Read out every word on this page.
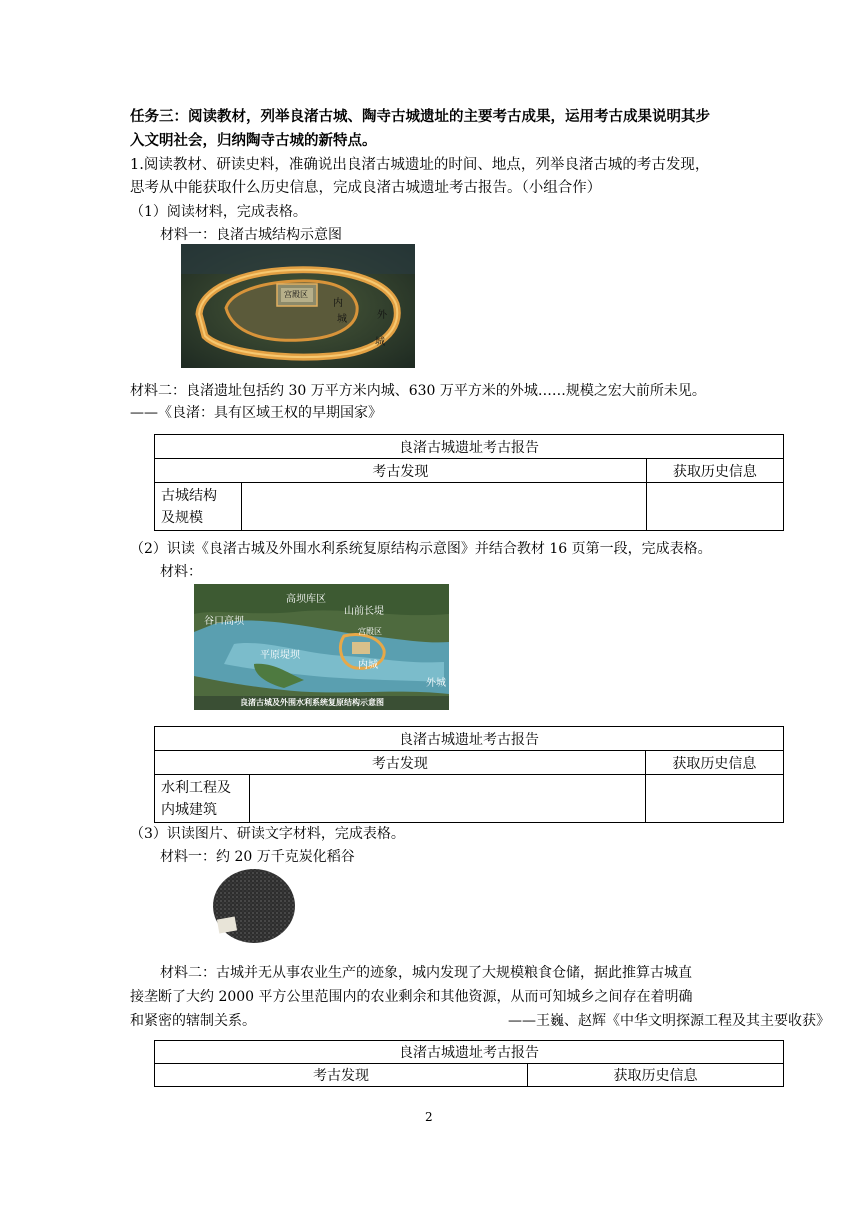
任务三：阅读教材，列举良渚古城、陶寺古城遗址的主要考古成果，运用考古成果说明其步
入文明社会，归纳陶寺古城的新特点。
1.阅读教材、研读史料，准确说出良渚古城遗址的时间、地点，列举良渚古城的考古发现，
思考从中能获取什么历史信息，完成良渚古城遗址考古报告。（小组合作）
（1）阅读材料，完成表格。
材料一：良渚古城结构示意图
宫殿区
内
城	外
城
材料二：良渚遗址包括约 30 万平方米内城、630 万平方米的外城……规模之宏大前所未见。
——《良渚：具有区域王权的早期国家》
良渚古城遗址考古报告		
考古发现		获取历史信息
古城结构
及规模		
（2）识读《良渚古城及外围水利系统复原结构示意图》并结合教材 16 页第一段，完成表格。
材料：
高坝库区
谷口高坝
山前长堤
平原堤坝
宫殿区
内城
外城
良渚古城及外围水利系统复原结构示意图
良渚古城遗址考古报告		
考古发现		获取历史信息
水利工程及
内城建筑		
（3）识读图片、研读文字材料，完成表格。
材料一：约 20 万千克炭化稻谷
材料二：古城并无从事农业生产的迹象，城内发现了大规模粮食仓储，据此推算古城直
接垄断了大约 2000 平方公里范围内的农业剩余和其他资源，从而可知城乡之间存在着明确
和紧密的辖制关系。	——王巍、赵辉《中华文明探源工程及其主要收获》
良渚古城遗址考古报告
考古发现	获取历史信息
2
